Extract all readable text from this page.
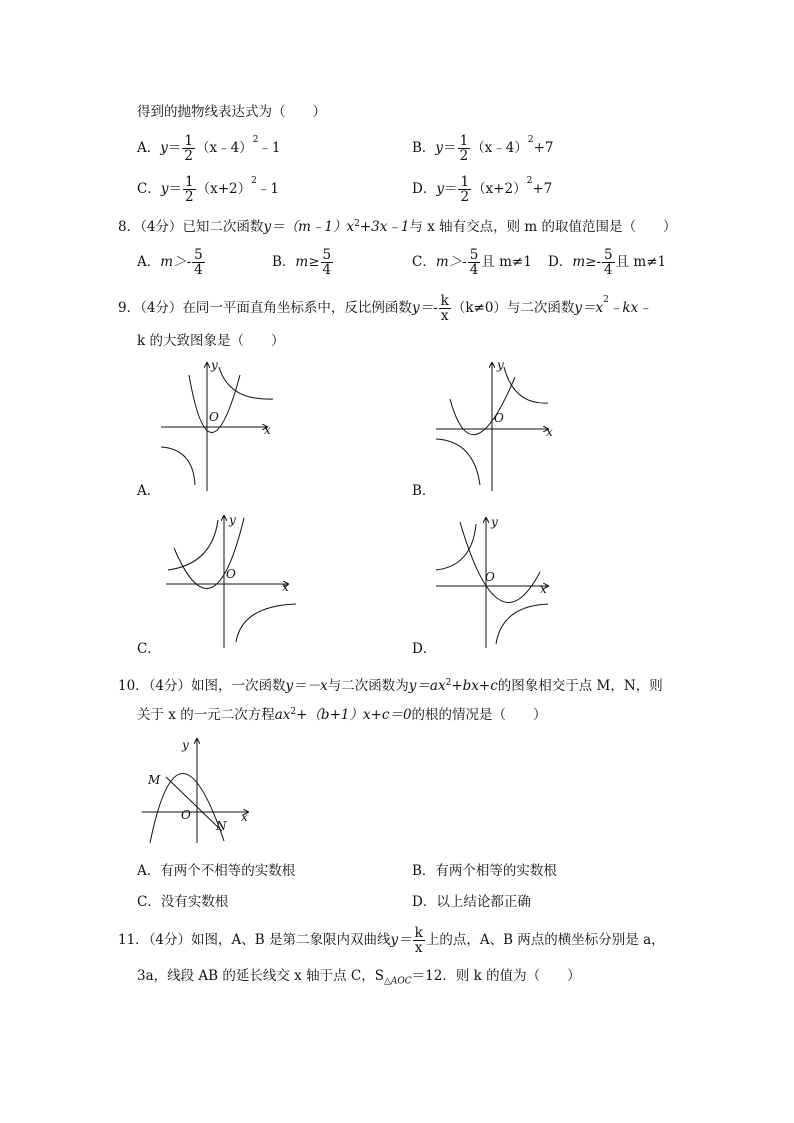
得到的抛物线表达式为（　　）
A．$y= \frac{1}{2}$ （x﹣4）$^2$﹣1	B．$y= \frac{1}{2}$ （x﹣4）$^2$+7
C．$y= \frac{1}{2}$ $(x+2)^2﹣1$	D．$y= \frac{1}{2} (x+2)^2+7$
8．（4分）已知二次函数$y=(m﹣1)x^2+3x﹣1$与 x 轴有交点，则 m 的取值范围是（　　）
A．$m>- \frac{5}{4}$	B．$m\ge \frac{5}{4}$	C．$m>- \frac{5}{4}$ 且 m≠1 D．$m\ge- \frac{5}{4}$ 且 m≠1
9．（4分）在同一平面直角坐标系中，反比例函数$y=- \frac{k}{x} (k\ne 0)$与二次函数$y=x^2﹣kx﹣$
k 的大致图象是（　　）
y
x
O
A．
y
x
O
B．
y
x
O
C．
y
x
O
D．
10．（4分）如图，一次函数y＝－x与二次函数为$y=ax^2+bx+c$的图象相交于点 M，N，则
关于 x 的一元二次方程$ax^2+(b+1)x+c=0$的根的情况是（　　）
y
x
O
M
N
A．有两个不相等的实数根	B．有两个相等的实数根
C．没有实数根	D．以上结论都正确
11．（4分）如图，A、B 是第二象限内双曲线$y= \frac{k}{x}$ 上的点，A、B 两点的横坐标分别是 a，
3a，线段 AB 的延长线交 x 轴于点 C，$S_{\triangle AOC}=12$．则 k 的值为（　　）
